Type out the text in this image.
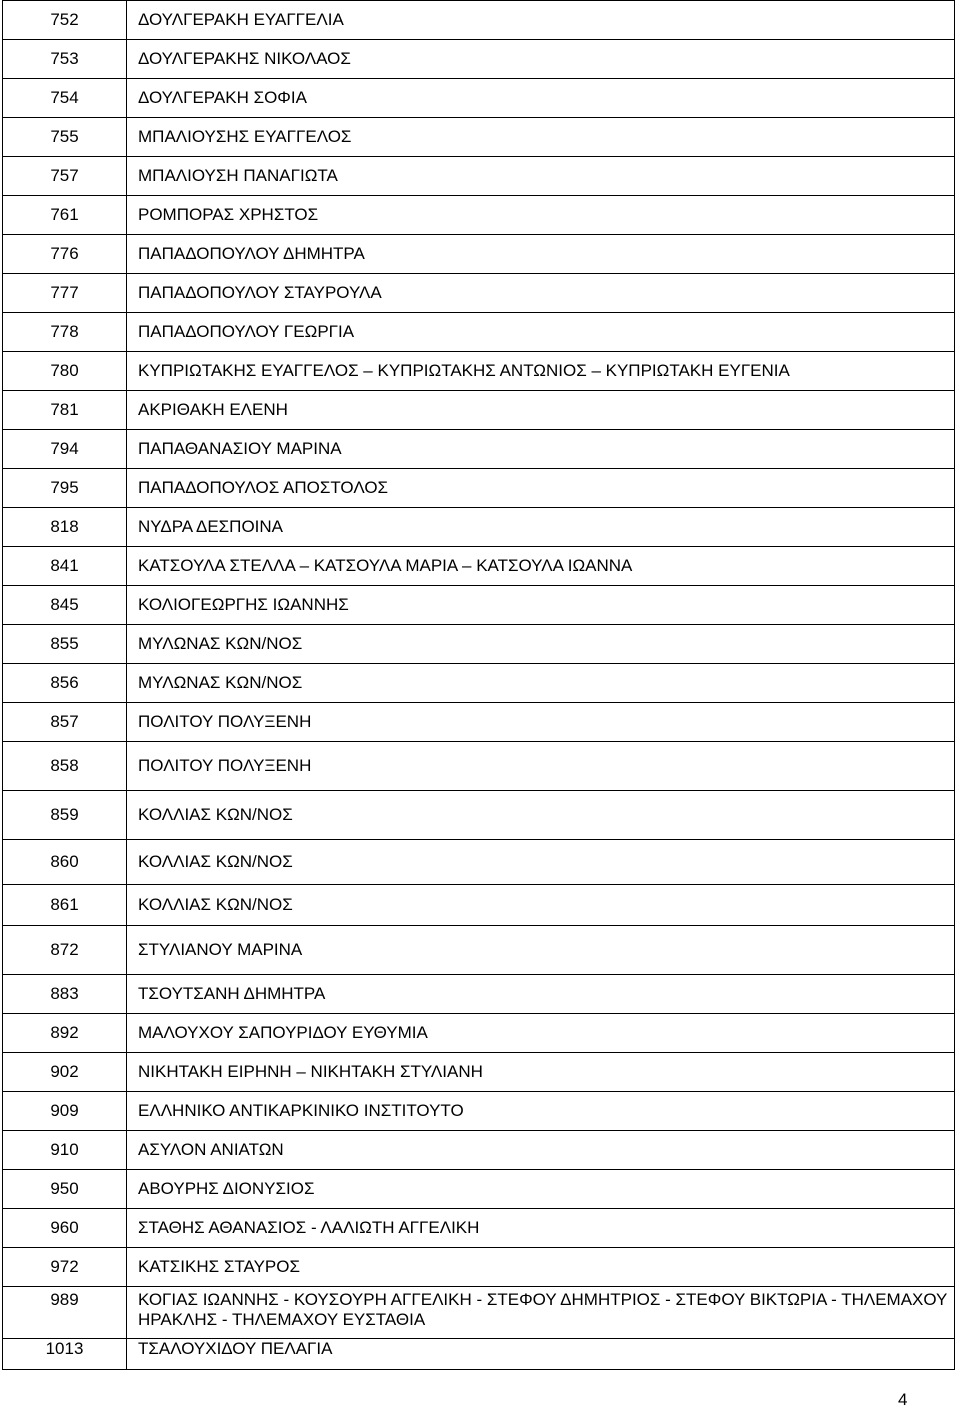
752	ΔΟΥΛΓΕΡΑΚΗ ΕΥΑΓΓΕΛΙΑ
753	ΔΟΥΛΓΕΡΑΚΗΣ ΝΙΚΟΛΑΟΣ
754	ΔΟΥΛΓΕΡΑΚΗ ΣΟΦΙΑ
755	ΜΠΑΛΙΟΥΣΗΣ ΕΥΑΓΓΕΛΟΣ
757	ΜΠΑΛΙΟΥΣΗ ΠΑΝΑΓΙΩΤΑ
761	ΡΟΜΠΟΡΑΣ ΧΡΗΣΤΟΣ
776	ΠΑΠΑΔΟΠΟΥΛΟΥ ΔΗΜΗΤΡΑ
777	ΠΑΠΑΔΟΠΟΥΛΟΥ ΣΤΑΥΡΟΥΛΑ
778	ΠΑΠΑΔΟΠΟΥΛΟΥ ΓΕΩΡΓΙΑ
780	ΚΥΠΡΙΩΤΑΚΗΣ ΕΥΑΓΓΕΛΟΣ – ΚΥΠΡΙΩΤΑΚΗΣ ΑΝΤΩΝΙΟΣ – ΚΥΠΡΙΩΤΑΚΗ ΕΥΓΕΝΙΑ
781	ΑΚΡΙΘΑΚΗ ΕΛΕΝΗ
794	ΠΑΠΑΘΑΝΑΣΙΟΥ ΜΑΡΙΝΑ
795	ΠΑΠΑΔΟΠΟΥΛΟΣ ΑΠΟΣΤΟΛΟΣ
818	ΝΥΔΡΑ ΔΕΣΠΟΙΝΑ
841	ΚΑΤΣΟΥΛΑ ΣΤΕΛΛΑ – ΚΑΤΣΟΥΛΑ ΜΑΡΙΑ – ΚΑΤΣΟΥΛΑ ΙΩΑΝΝΑ
845	ΚΟΛΙΟΓΕΩΡΓΗΣ ΙΩΑΝΝΗΣ
855	ΜΥΛΩΝΑΣ ΚΩΝ/ΝΟΣ
856	ΜΥΛΩΝΑΣ ΚΩΝ/ΝΟΣ
857	ΠΟΛΙΤΟΥ ΠΟΛΥΞΕΝΗ
858	ΠΟΛΙΤΟΥ ΠΟΛΥΞΕΝΗ
859	ΚΟΛΛΙΑΣ ΚΩΝ/ΝΟΣ
860	ΚΟΛΛΙΑΣ ΚΩΝ/ΝΟΣ
861	ΚΟΛΛΙΑΣ ΚΩΝ/ΝΟΣ
872	ΣΤΥΛΙΑΝΟΥ ΜΑΡΙΝΑ
883	ΤΣΟΥΤΣΑΝΗ ΔΗΜΗΤΡΑ
892	ΜΑΛΟΥΧΟΥ ΣΑΠΟΥΡΙΔΟΥ ΕΥΘΥΜΙΑ
902	ΝΙΚΗΤΑΚΗ ΕΙΡΗΝΗ – ΝΙΚΗΤΑΚΗ ΣΤΥΛΙΑΝΗ
909	ΕΛΛΗΝΙΚΟ ΑΝΤΙΚΑΡΚΙΝΙΚΟ ΙΝΣΤΙΤΟΥΤΟ
910	ΑΣΥΛΟΝ ΑΝΙΑΤΩΝ
950	ΑΒΟΥΡΗΣ ΔΙΟΝΥΣΙΟΣ
960	ΣΤΑΘΗΣ ΑΘΑΝΑΣΙΟΣ - ΛΑΛΙΩΤΗ ΑΓΓΕΛΙΚΗ
972	ΚΑΤΣΙΚΗΣ ΣΤΑΥΡΟΣ
989	ΚΟΓΙΑΣ ΙΩΑΝΝΗΣ - ΚΟΥΣΟΥΡΗ ΑΓΓΕΛΙΚΗ - ΣΤΕΦΟΥ ΔΗΜΗΤΡΙΟΣ - ΣΤΕΦΟΥ ΒΙΚΤΩΡΙΑ - ΤΗΛΕΜΑΧΟΥ ΗΡΑΚΛΗΣ - ΤΗΛΕΜΑΧΟΥ ΕΥΣΤΑΘΙΑ
1013	ΤΣΑΛΟΥΧΙΔΟΥ ΠΕΛΑΓΙΑ
4
